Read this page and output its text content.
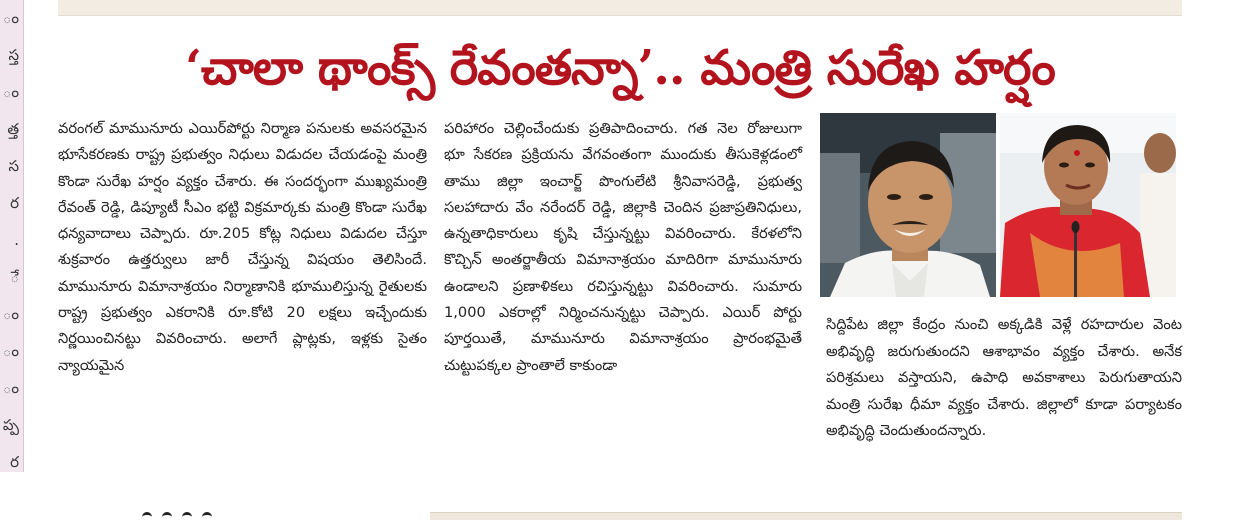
ం
స్త
ం
త్త
స
ర
.
ే
ం
ం
ం
ప్ప
ర
‘చాలా థాంక్స్ రేవంతన్నా’.. మంత్రి సురేఖ హర్షం

వరంగల్ మామునూరు ఎయిర్‌పోర్టు నిర్మాణ పనులకు అవసరమైన భూసేకరణకు రాష్ట్ర ప్రభుత్వం నిధులు విడుదల చేయడంపై మంత్రి కొండా సురేఖ హర్షం వ్యక్తం చేశారు. ఈ సందర్భంగా ముఖ్యమంత్రి రేవంత్ రెడ్డి, డిప్యూటీ సీఎం భట్టి విక్రమార్కకు మంత్రి కొండా సురేఖ ధన్యవాదాలు చెప్పారు. రూ.205 కోట్ల నిధులు విడుదల చేస్తూ శుక్రవారం ఉత్తర్వులు జారీ చేస్తున్న విషయం తెలిసిందే. మామునూరు విమానాశ్రయం నిర్మాణానికి భూములిస్తున్న రైతులకు రాష్ట్ర ప్రభుత్వం ఎకరానికి రూ.కోటి 20 లక్షలు ఇచ్చేందుకు నిర్ణయించినట్టు వివరించారు. అలాగే ప్లాట్లకు, ఇళ్లకు సైతం న్యాయమైన

పరిహారం చెల్లించేందుకు ప్రతిపాదించారు. గత నెల రోజులుగా భూ సేకరణ ప్రక్రియను వేగవంతంగా ముందుకు తీసుకెళ్లడంలో తాము జిల్లా ఇంచార్జ్ పొంగులేటి శ్రీనివాసరెడ్డి, ప్రభుత్వ సలహాదారు వేం నరేందర్ రెడ్డి, జిల్లాకి చెందిన ప్రజాప్రతినిధులు, ఉన్నతాధికారులు కృషి చేస్తున్నట్టు వివరించారు. కేరళలోని కొచ్చిన్ అంతర్జాతీయ విమానాశ్రయం మాదిరిగా మామునూరు ఉండాలని ప్రణాళికలు రచిస్తున్నట్టు వివరించారు. సుమారు 1,000 ఎకరాల్లో నిర్మించనున్నట్టు చెప్పారు. ఎయిర్ పోర్టు పూర్తయితే, మామునూరు విమానాశ్రయం ప్రారంభమైతే చుట్టుపక్కల ప్రాంతాలే కాకుండా

సిద్దిపేట జిల్లా కేంద్రం నుంచి అక్కడికి వెళ్లే రహదారుల వెంట అభివృద్ధి జరుగుతుందని ఆశాభావం వ్యక్తం చేశారు. అనేక పరిశ్రమలు వస్తాయని, ఉపాధి అవకాశాలు పెరుగుతాయని మంత్రి సురేఖ ధీమా వ్యక్తం చేశారు. జిల్లాలో కూడా పర్యాటకం అభివృద్ధి చెందుతుందన్నారు.
